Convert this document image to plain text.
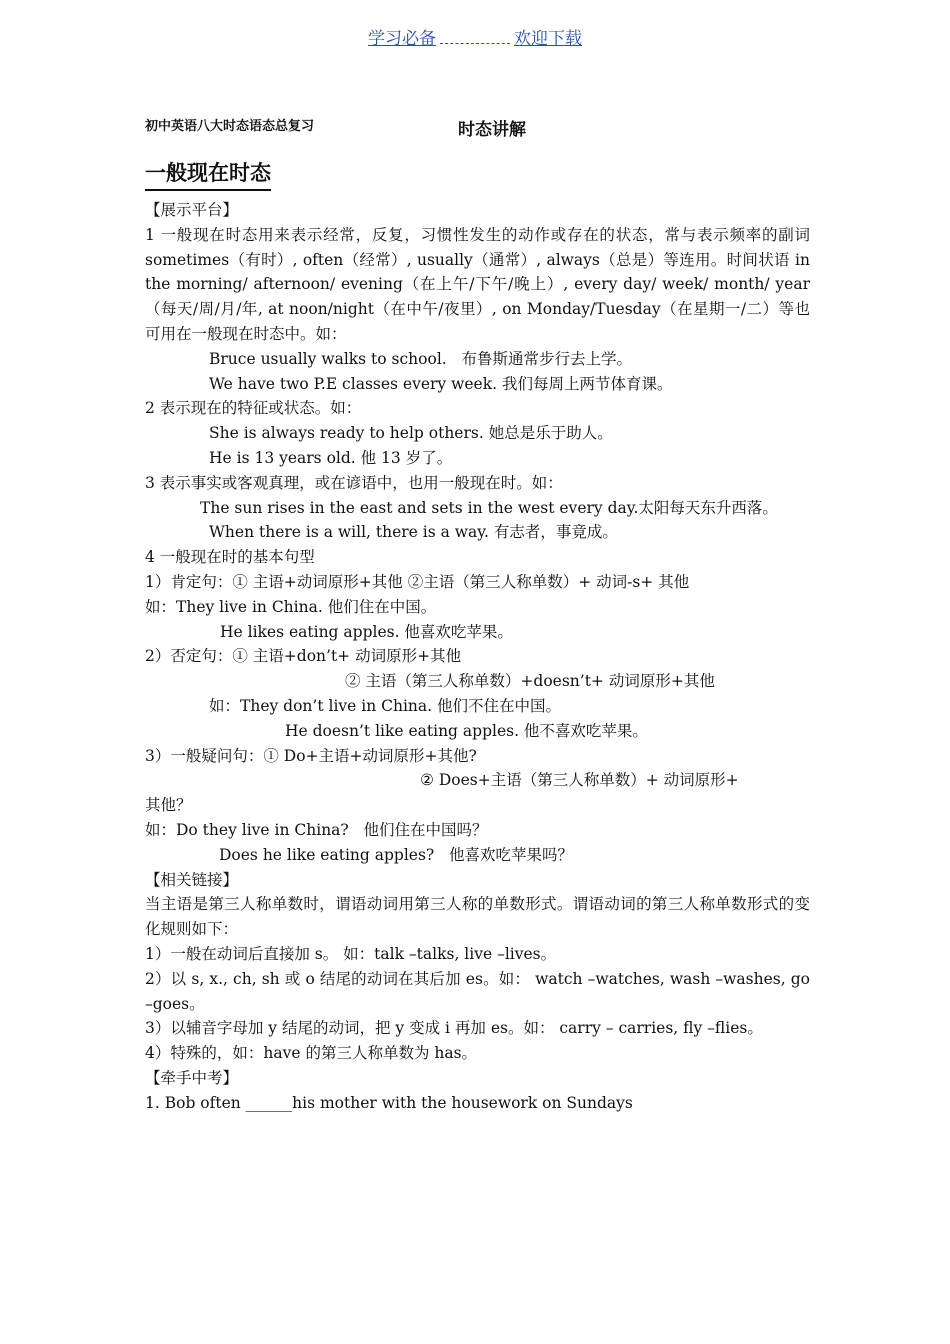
学习必备	欢迎下载
初中英语八大时态语态总复习	时态讲解
一般现在时态

【展示平台】

1 一般现在时态用来表示经常，反复，习惯性发生的动作或存在的状态，常与表示频率的副词 sometimes（有时）, often（经常）, usually（通常）, always（总是）等连用。时间状语 in the morning/ afternoon/ evening（在上午/下午/晚上）, every day/ week/ month/ year（每天/周/月/年, at noon/night（在中午/夜里）, on Monday/Tuesday（在星期一/二）等也可用在一般现在时态中。如：

Bruce usually walks to school.   布鲁斯通常步行去上学。

We have two P.E classes every week. 我们每周上两节体育课。

2 表示现在的特征或状态。如：

She is always ready to help others. 她总是乐于助人。

He is 13 years old. 他 13 岁了。

3 表示事实或客观真理，或在谚语中，也用一般现在时。如：

The sun rises in the east and sets in the west every day.太阳每天东升西落。

When there is a will, there is a way. 有志者，事竟成。

4 一般现在时的基本句型

1）肯定句：① 主语+动词原形+其他 ②主语（第三人称单数）+ 动词-s+ 其他

如：They live in China. 他们住在中国。

He likes eating apples. 他喜欢吃苹果。

2）否定句：① 主语+don’t+ 动词原形+其他

② 主语（第三人称单数）+doesn’t+ 动词原形+其他

如：They don’t live in China. 他们不住在中国。

He doesn’t like eating apples. 他不喜欢吃苹果。

3）一般疑问句：① Do+主语+动词原形+其他?

② Does+主语（第三人称单数）+ 动词原形+

其他？

如：Do they live in China?   他们住在中国吗？

Does he like eating apples?   他喜欢吃苹果吗？

【相关链接】

当主语是第三人称单数时，谓语动词用第三人称的单数形式。谓语动词的第三人称单数形式的变化规则如下：

1）一般在动词后直接加 s。 如：talk –talks, live –lives。

2）以 s, x., ch, sh 或 o 结尾的动词在其后加 es。如： watch –watches, wash –washes, go –goes。

3）以辅音字母加 y 结尾的动词，把 y 变成 i 再加 es。如： carry – carries, fly –flies。

4）特殊的，如：have 的第三人称单数为 has。

【牵手中考】

1. Bob often ______his mother with the housework on Sundays
